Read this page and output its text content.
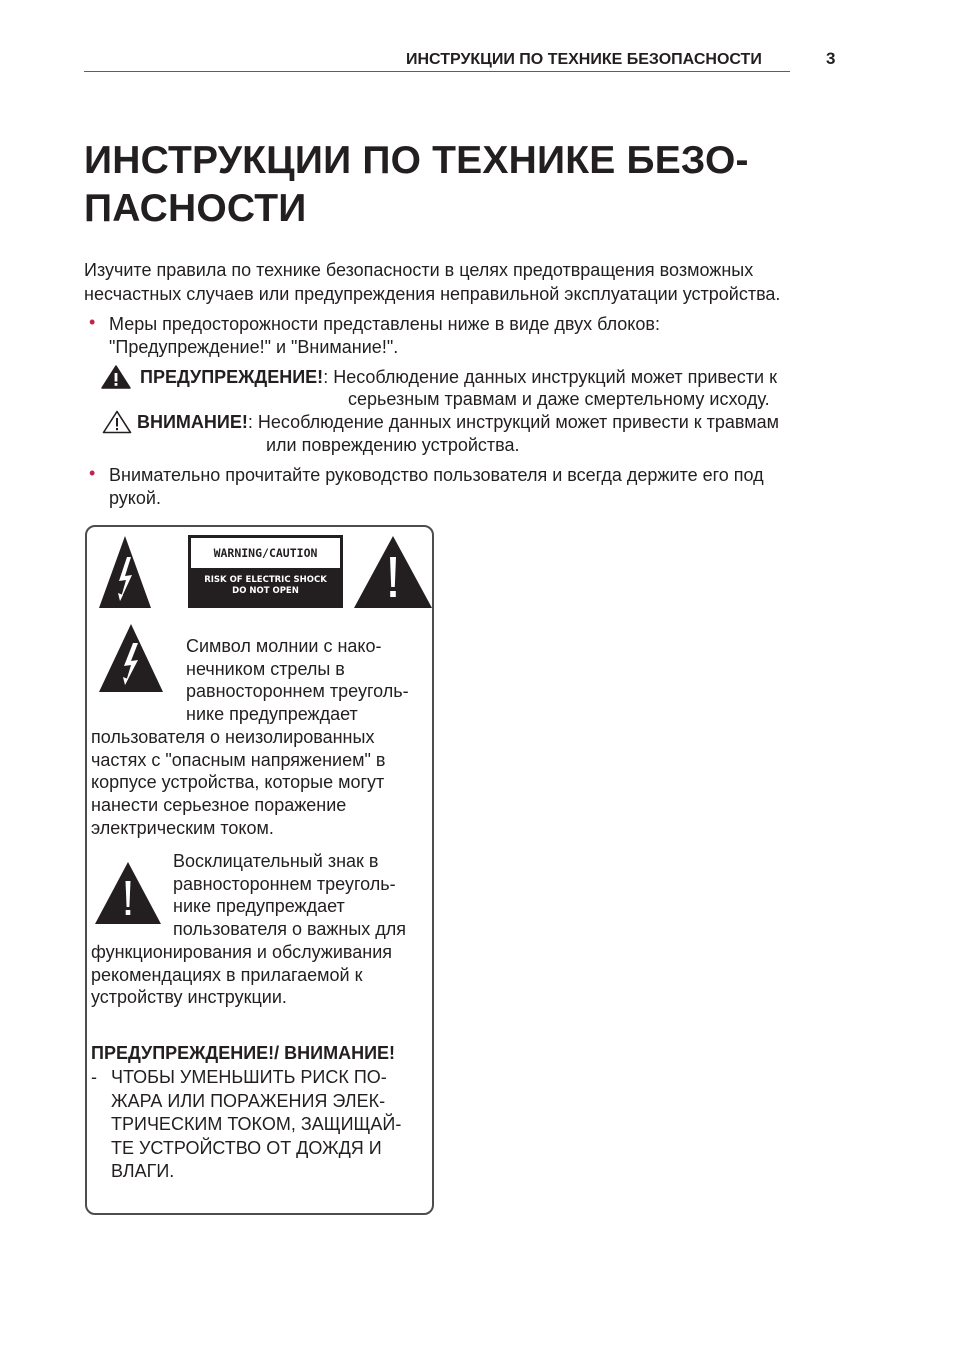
ИНСТРУКЦИИ ПО ТЕХНИКЕ БЕЗОПАСНОСТИ	3
ИНСТРУКЦИИ ПО ТЕХНИКЕ БЕЗО-
ПАСНОСТИ
Изучите правила по технике безопасности в целях предотвращения возможных
несчастных случаев или предупреждения неправильной эксплуатации устройства.
• Меры предосторожности представлены ниже в виде двух блоков:
"Предупреждение!" и "Внимание!".
ПРЕДУПРЕЖДЕНИЕ!: Несоблюдение данных инструкций может привести к
серьезным травмам и даже смертельному исходу.
ВНИМАНИЕ!: Несоблюдение данных инструкций может привести к травмам
или повреждению устройства.
• Внимательно прочитайте руководство пользователя и всегда держите его под
рукой.
WARNING/CAUTION
RISK OF ELECTRIC SHOCK
DO NOT OPEN
Символ молнии с нако-
нечником стрелы в
равностороннем треуголь-
нике предупреждает
пользователя о неизолированных
частях с "опасным напряжением" в
корпусе устройства, которые могут
нанести серьезное поражение
электрическим током.
Восклицательный знак в
равностороннем треуголь-
нике предупреждает
пользователя о важных для
функционирования и обслуживания
рекомендациях в прилагаемой к
устройству инструкции.
ПРЕДУПРЕЖДЕНИЕ!/ ВНИМАНИЕ!
- ЧТОБЫ УМЕНЬШИТЬ РИСК ПО-
ЖАРА ИЛИ ПОРАЖЕНИЯ ЭЛЕК-
ТРИЧЕСКИМ ТОКОМ, ЗАЩИЩАЙ-
ТЕ УСТРОЙСТВО ОТ ДОЖДЯ И
ВЛАГИ.
